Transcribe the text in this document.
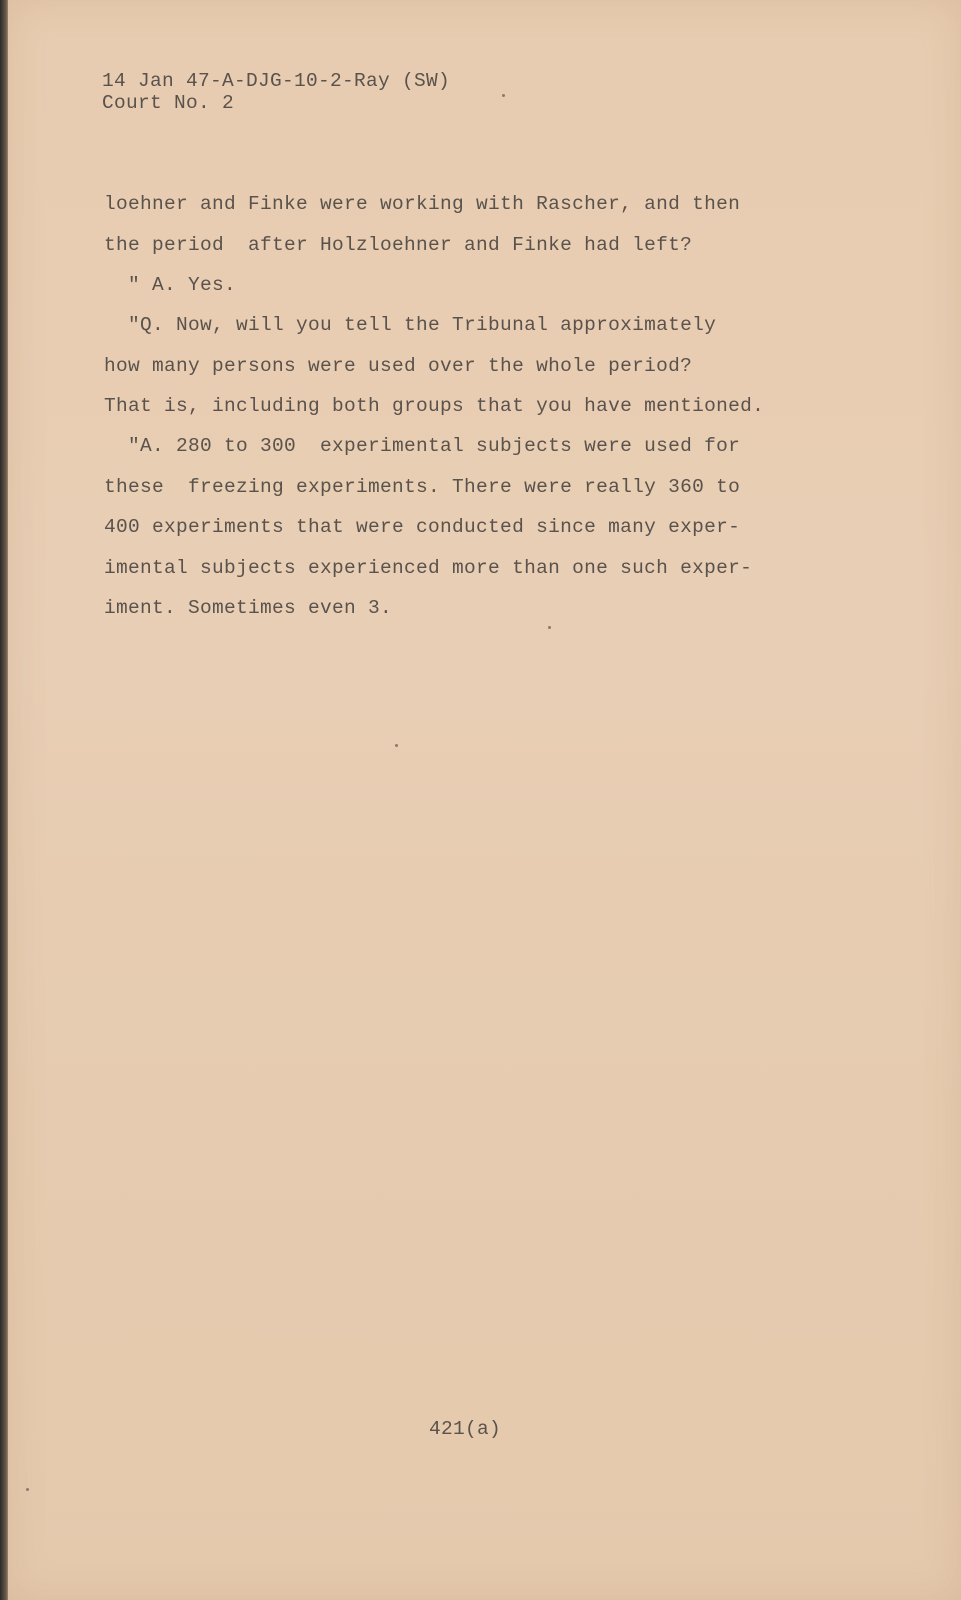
14 Jan 47-A-DJG-10-2-Ray (SW)

Court No. 2

loehner and Finke were working with Rascher, and then

the period  after Holzloehner and Finke had left?

" A. Yes.

"Q. Now, will you tell the Tribunal approximately

how many persons were used over the whole period?

That is, including both groups that you have mentioned.

"A. 280 to 300  experimental subjects were used for

these  freezing experiments. There were really 360 to

400 experiments that were conducted since many exper-

imental subjects experienced more than one such exper-

iment. Sometimes even 3.

421(a)
